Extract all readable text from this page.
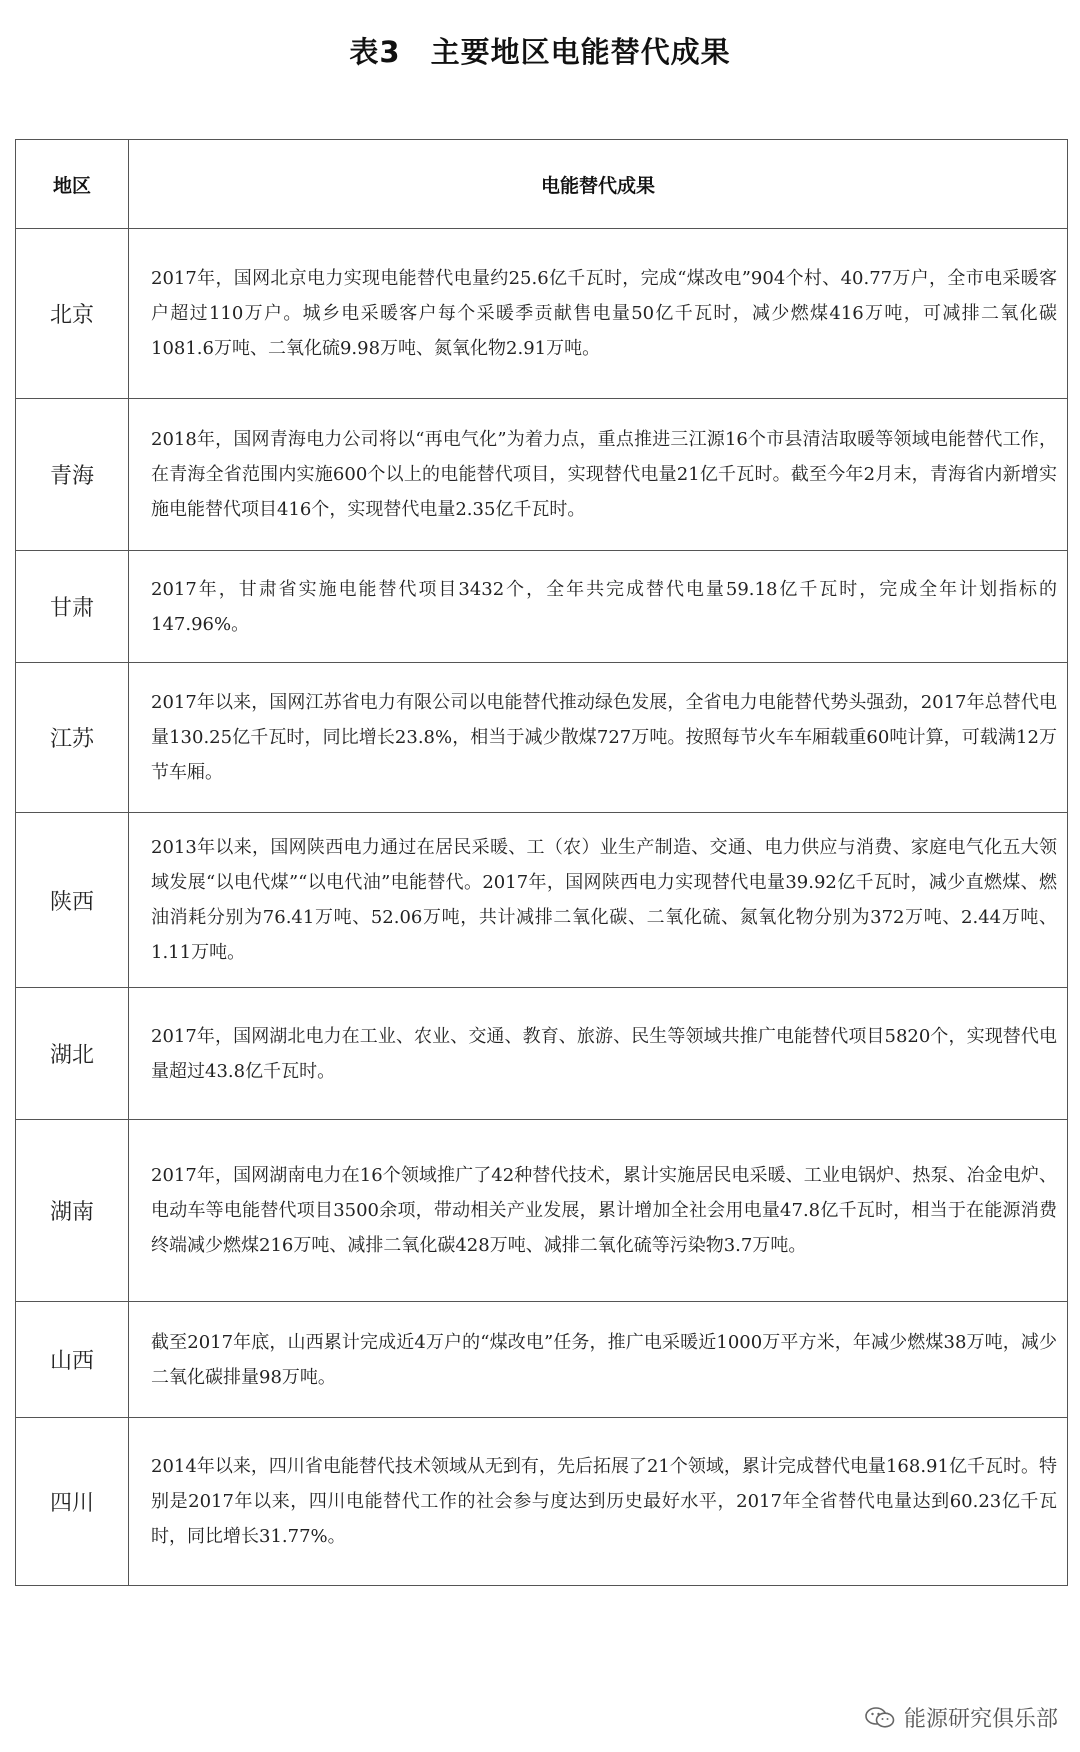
表3　主要地区电能替代成果
地区	电能替代成果
北京	2017年，国网北京电力实现电能替代电量约25.6亿千瓦时，完成“煤改电”904个村、40.77万户，全市电采暖客户超过110万户。城乡电采暖客户每个采暖季贡献售电量50亿千瓦时，减少燃煤416万吨，可减排二氧化碳1081.6万吨、二氧化硫9.98万吨、氮氧化物2.91万吨。
青海	2018年，国网青海电力公司将以“再电气化”为着力点，重点推进三江源16个市县清洁取暖等领域电能替代工作，在青海全省范围内实施600个以上的电能替代项目，实现替代电量21亿千瓦时。截至今年2月末，青海省内新增实施电能替代项目416个，实现替代电量2.35亿千瓦时。
甘肃	2017年，甘肃省实施电能替代项目3432个，全年共完成替代电量59.18亿千瓦时，完成全年计划指标的147.96%。
江苏	2017年以来，国网江苏省电力有限公司以电能替代推动绿色发展，全省电力电能替代势头强劲，2017年总替代电量130.25亿千瓦时，同比增长23.8%，相当于减少散煤727万吨。按照每节火车车厢载重60吨计算，可载满12万节车厢。
陕西	2013年以来，国网陕西电力通过在居民采暖、工（农）业生产制造、交通、电力供应与消费、家庭电气化五大领域发展“以电代煤”“以电代油”电能替代。2017年，国网陕西电力实现替代电量39.92亿千瓦时，减少直燃煤、燃油消耗分别为76.41万吨、52.06万吨，共计减排二氧化碳、二氧化硫、氮氧化物分别为372万吨、2.44万吨、1.11万吨。
湖北	2017年，国网湖北电力在工业、农业、交通、教育、旅游、民生等领域共推广电能替代项目5820个，实现替代电量超过43.8亿千瓦时。
湖南	2017年，国网湖南电力在16个领域推广了42种替代技术，累计实施居民电采暖、工业电锅炉、热泵、冶金电炉、电动车等电能替代项目3500余项，带动相关产业发展，累计增加全社会用电量47.8亿千瓦时，相当于在能源消费终端减少燃煤216万吨、减排二氧化碳428万吨、减排二氧化硫等污染物3.7万吨。
山西	截至2017年底，山西累计完成近4万户的“煤改电”任务，推广电采暖近1000万平方米，年减少燃煤38万吨，减少二氧化碳排量98万吨。
四川	2014年以来，四川省电能替代技术领域从无到有，先后拓展了21个领域，累计完成替代电量168.91亿千瓦时。特别是2017年以来，四川电能替代工作的社会参与度达到历史最好水平，2017年全省替代电量达到60.23亿千瓦时，同比增长31.77%。
能源研究俱乐部
